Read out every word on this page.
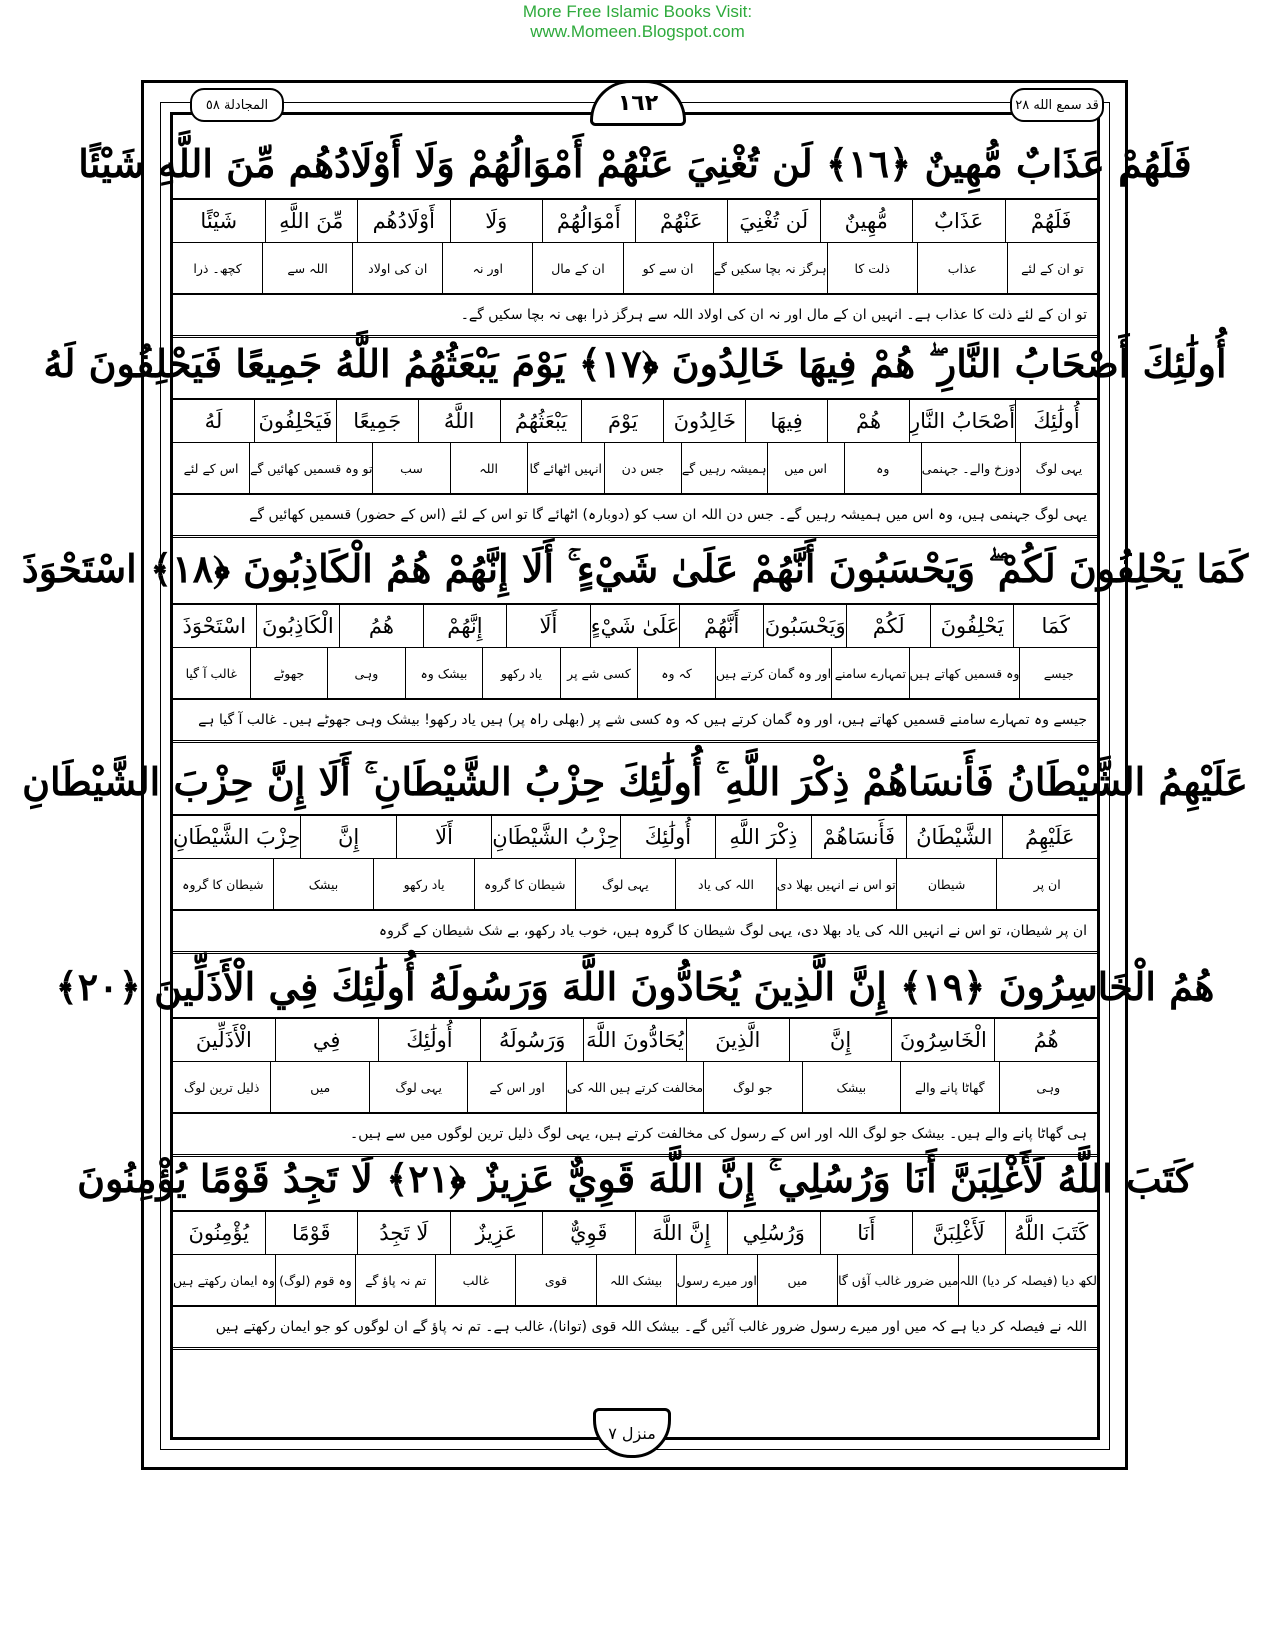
More Free Islamic Books Visit:
www.Momeen.Blogspot.com
المجادلة ٥٨	١٦٢	قد سمع الله ٢٨
فَلَهُمْ عَذَابٌ مُّهِينٌ ﴿١٦﴾ لَن تُغْنِيَ عَنْهُمْ أَمْوَالُهُمْ وَلَا أَوْلَادُهُم مِّنَ اللَّهِ شَيْئًا
فَلَهُمْ
عَذَابٌ
مُّهِينٌ
لَن تُغْنِيَ
عَنْهُمْ
أَمْوَالُهُمْ
وَلَا
أَوْلَادُهُم
مِّنَ اللَّهِ
شَيْئًا
تو ان کے لئے
عذاب
ذلت کا
ہرگز نہ بچا سکیں گے
ان سے کو
ان کے مال
اور نہ
ان کی اولاد
اللہ سے
کچھ۔ ذرا
تو ان کے لئے ذلت کا عذاب ہے۔ انہیں ان کے مال اور نہ ان کی اولاد اللہ سے ہرگز ذرا بھی نہ بچا سکیں گے۔
أُولَٰئِكَ أَصْحَابُ النَّارِ ۖ هُمْ فِيهَا خَالِدُونَ ﴿١٧﴾ يَوْمَ يَبْعَثُهُمُ اللَّهُ جَمِيعًا فَيَحْلِفُونَ لَهُ
أُولَٰئِكَ
أَصْحَابُ النَّارِ
هُمْ
فِيهَا
خَالِدُونَ
يَوْمَ
يَبْعَثُهُمُ
اللَّهُ
جَمِيعًا
فَيَحْلِفُونَ
لَهُ
یہی لوگ
دوزخ والے۔ جہنمی
وہ
اس میں
ہمیشہ رہیں گے
جس دن
انہیں اٹھائے گا
اللہ
سب
تو وہ قسمیں کھائیں گے
اس کے لئے
یہی لوگ جہنمی ہیں، وہ اس میں ہمیشہ رہیں گے۔ جس دن اللہ ان سب کو (دوبارہ) اٹھائے گا تو اس کے لئے (اس کے حضور) قسمیں کھائیں گے
كَمَا يَحْلِفُونَ لَكُمْ ۖ وَيَحْسَبُونَ أَنَّهُمْ عَلَىٰ شَيْءٍ ۚ أَلَا إِنَّهُمْ هُمُ الْكَاذِبُونَ ﴿١٨﴾ اسْتَحْوَذَ
كَمَا
يَحْلِفُونَ
لَكُمْ
وَيَحْسَبُونَ
أَنَّهُمْ
عَلَىٰ شَيْءٍ
أَلَا
إِنَّهُمْ
هُمُ
الْكَاذِبُونَ
اسْتَحْوَذَ
جیسے
وہ قسمیں کھاتے ہیں
تمہارے سامنے
اور وہ گمان کرتے ہیں
کہ وہ
کسی شے پر
یاد رکھو
بیشک وہ
وہی
جھوٹے
غالب آ گیا
جیسے وہ تمہارے سامنے قسمیں کھاتے ہیں، اور وہ گمان کرتے ہیں کہ وہ کسی شے پر (بھلی راہ پر) ہیں یاد رکھو! بیشک وہی جھوٹے ہیں۔ غالب آ گیا ہے
عَلَيْهِمُ الشَّيْطَانُ فَأَنسَاهُمْ ذِكْرَ اللَّهِ ۚ أُولَٰئِكَ حِزْبُ الشَّيْطَانِ ۚ أَلَا إِنَّ حِزْبَ الشَّيْطَانِ
عَلَيْهِمُ
الشَّيْطَانُ
فَأَنسَاهُمْ
ذِكْرَ اللَّهِ
أُولَٰئِكَ
حِزْبُ الشَّيْطَانِ
أَلَا
إِنَّ
حِزْبَ الشَّيْطَانِ
ان پر
شیطان
تو اس نے انہیں بھلا دی
اللہ کی یاد
یہی لوگ
شیطان کا گروہ
یاد رکھو
بیشک
شیطان کا گروہ
ان پر شیطان، تو اس نے انہیں اللہ کی یاد بھلا دی، یہی لوگ شیطان کا گروہ ہیں، خوب یاد رکھو، بے شک شیطان کے گروہ
هُمُ الْخَاسِرُونَ ﴿١٩﴾ إِنَّ الَّذِينَ يُحَادُّونَ اللَّهَ وَرَسُولَهُ أُولَٰئِكَ فِي الْأَذَلِّينَ ﴿٢٠﴾
هُمُ
الْخَاسِرُونَ
إِنَّ
الَّذِينَ
يُحَادُّونَ اللَّهَ
وَرَسُولَهُ
أُولَٰئِكَ
فِي
الْأَذَلِّينَ
وہی
گھاٹا پانے والے
بیشک
جو لوگ
مخالفت کرتے ہیں اللہ کی
اور اس کے
یہی لوگ
میں
ذلیل ترین لوگ
ہی گھاٹا پانے والے ہیں۔ بیشک جو لوگ اللہ اور اس کے رسول کی مخالفت کرتے ہیں، یہی لوگ ذلیل ترین لوگوں میں سے ہیں۔
كَتَبَ اللَّهُ لَأَغْلِبَنَّ أَنَا وَرُسُلِي ۚ إِنَّ اللَّهَ قَوِيٌّ عَزِيزٌ ﴿٢١﴾ لَا تَجِدُ قَوْمًا يُؤْمِنُونَ
كَتَبَ اللَّهُ
لَأَغْلِبَنَّ
أَنَا
وَرُسُلِي
إِنَّ اللَّهَ
قَوِيٌّ
عَزِيزٌ
لَا تَجِدُ
قَوْمًا
يُؤْمِنُونَ
لکھ دیا (فیصلہ کر دیا) اللہ
میں ضرور غالب آؤں گا
میں
اور میرے رسول
بیشک اللہ
قوی
غالب
تم نہ پاؤ گے
وہ قوم (لوگ)
وہ ایمان رکھتے ہیں
اللہ نے فیصلہ کر دیا ہے کہ میں اور میرے رسول ضرور غالب آئیں گے۔ بیشک اللہ قوی (توانا)، غالب ہے۔ تم نہ پاؤ گے ان لوگوں کو جو ایمان رکھتے ہیں
منزل ٧
